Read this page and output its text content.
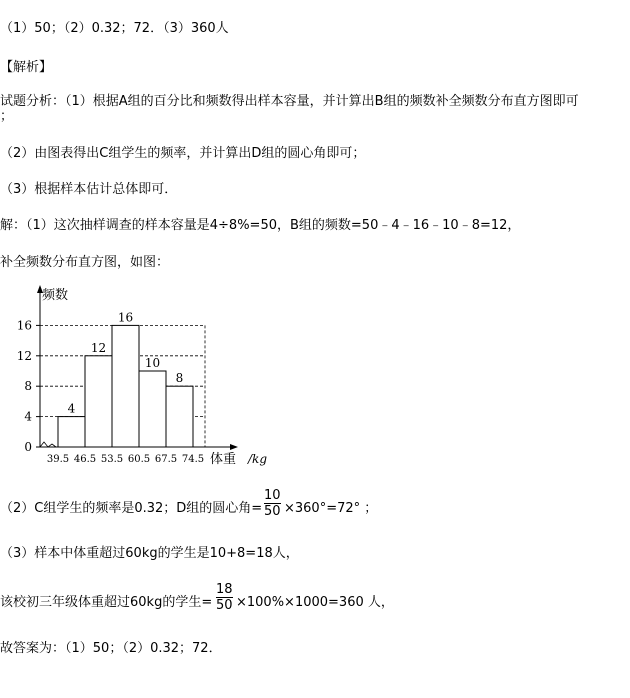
（1）50；（2）0.32；72．（3）360人
【解析】
试题分析：（1）根据A组的百分比和频数得出样本容量，并计算出B组的频数补全频数分布直方图即可
；
（2）由图表得出C组学生的频率，并计算出D组的圆心角即可；
（3）根据样本估计总体即可．
解：（1）这次抽样调查的样本容量是4÷8%=50，B组的频数=50﹣4﹣16﹣10﹣8=12，
补全频数分布直方图，如图：
4
12
16
10
8
0
4
8
12
16
39.5 46.5 53.5 60.5 67.5 74.5
频数
体重 /kg
（2）C组学生的频率是0.32；D组的圆心角=
10
50 ×360°=72° ；
（3）样本中体重超过60kg的学生是10+8=18人，
该校初三年级体重超过60kg的学生=
18
50 ×100%×1000=360 人，
故答案为：（1）50；（2）0.32；72．
